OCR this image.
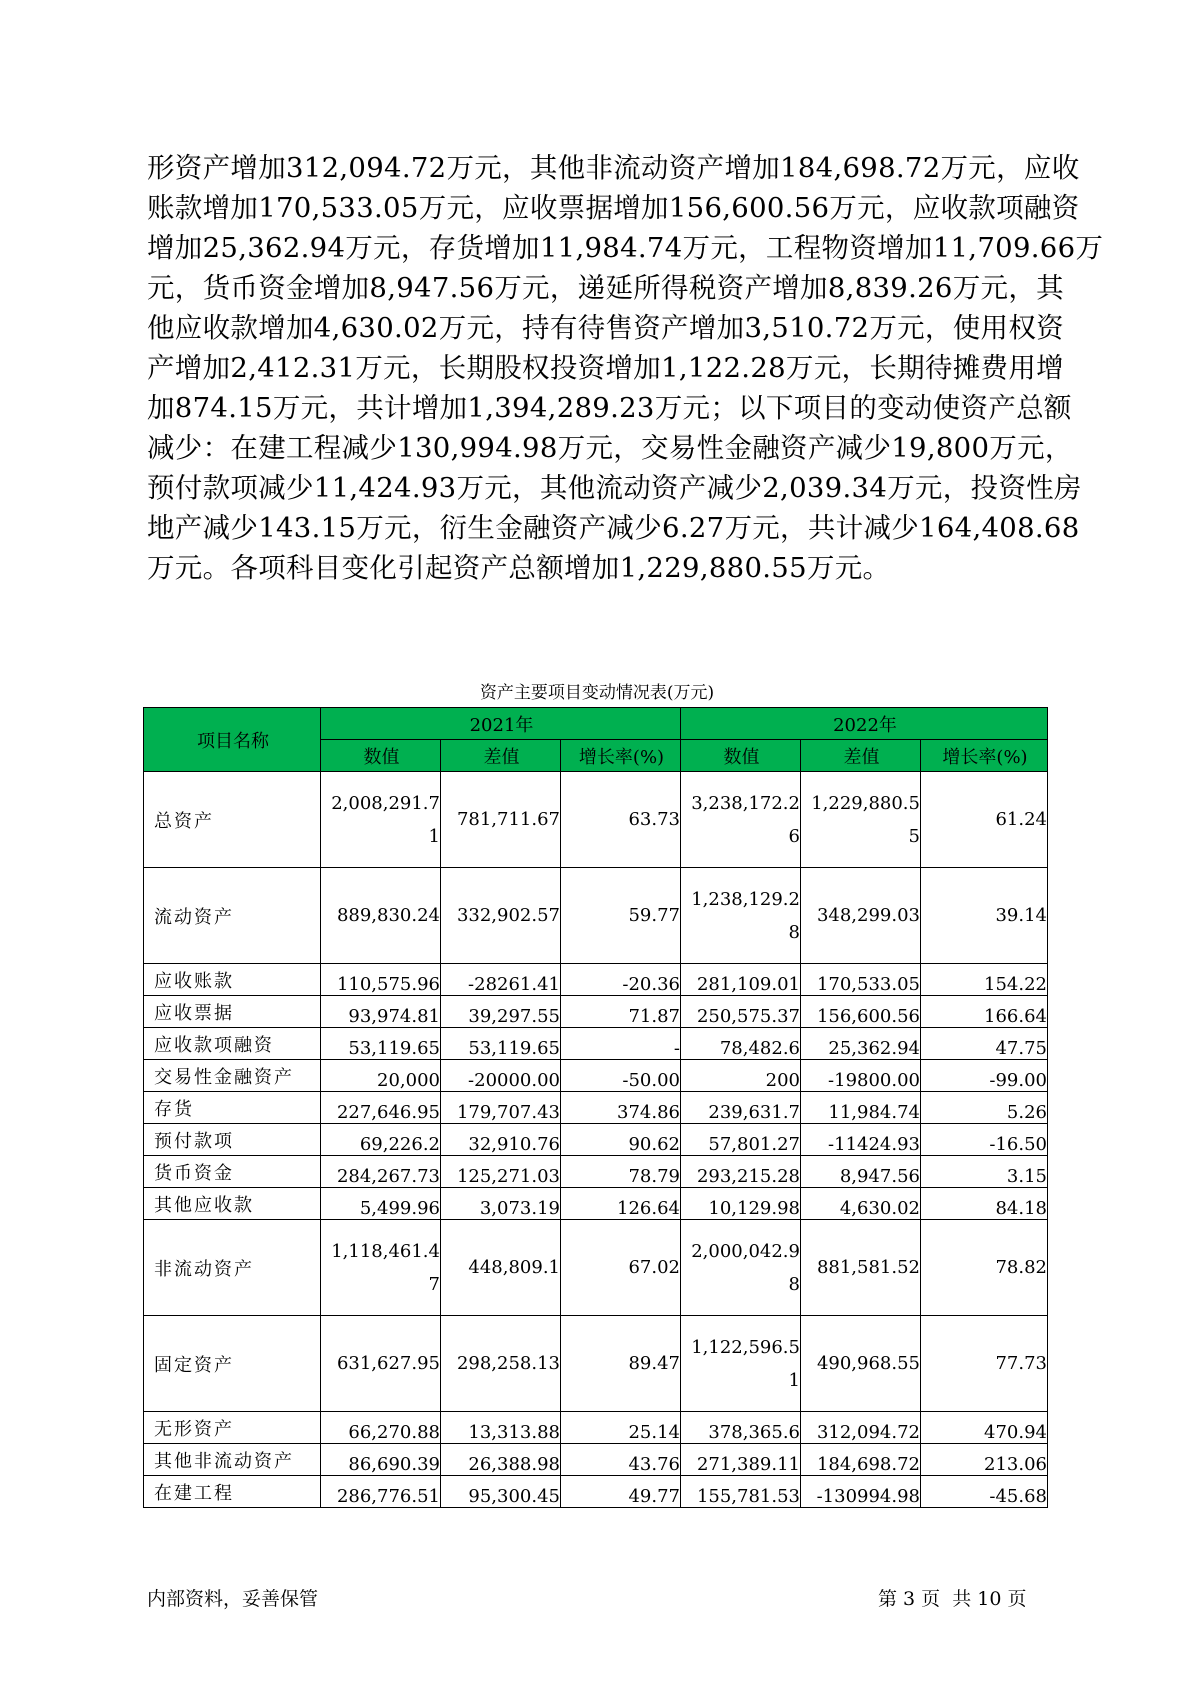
形资产增加312,094.72万元，其他非流动资产增加184,698.72万元，应收
账款增加170,533.05万元，应收票据增加156,600.56万元，应收款项融资
增加25,362.94万元，存货增加11,984.74万元，工程物资增加11,709.66万
元，货币资金增加8,947.56万元，递延所得税资产增加8,839.26万元，其
他应收款增加4,630.02万元，持有待售资产增加3,510.72万元，使用权资
产增加2,412.31万元，长期股权投资增加1,122.28万元，长期待摊费用增
加874.15万元，共计增加1,394,289.23万元；以下项目的变动使资产总额
减少：在建工程减少130,994.98万元，交易性金融资产减少19,800万元，
预付款项减少11,424.93万元，其他流动资产减少2,039.34万元，投资性房
地产减少143.15万元，衍生金融资产减少6.27万元，共计减少164,408.68
万元。各项科目变化引起资产总额增加1,229,880.55万元。
资产主要项目变动情况表(万元)
项目名称	2021年			2022年		
	数值	差值	增长率(%)	数值	差值	增长率(%)
总资产	2,008,291.71	781,711.67	63.73	3,238,172.26	1,229,880.55	61.24
流动资产	889,830.24	332,902.57	59.77	1,238,129.28	348,299.03	39.14
应收账款	110,575.96	-28261.41	-20.36	281,109.01	170,533.05	154.22
应收票据	93,974.81	39,297.55	71.87	250,575.37	156,600.56	166.64
应收款项融资	53,119.65	53,119.65	-	78,482.6	25,362.94	47.75
交易性金融资产	20,000	-20000.00	-50.00	200	-19800.00	-99.00
存货	227,646.95	179,707.43	374.86	239,631.7	11,984.74	5.26
预付款项	69,226.2	32,910.76	90.62	57,801.27	-11424.93	-16.50
货币资金	284,267.73	125,271.03	78.79	293,215.28	8,947.56	3.15
其他应收款	5,499.96	3,073.19	126.64	10,129.98	4,630.02	84.18
非流动资产	1,118,461.47	448,809.1	67.02	2,000,042.98	881,581.52	78.82
固定资产	631,627.95	298,258.13	89.47	1,122,596.51	490,968.55	77.73
无形资产	66,270.88	13,313.88	25.14	378,365.6	312,094.72	470.94
其他非流动资产	86,690.39	26,388.98	43.76	271,389.11	184,698.72	213.06
在建工程	286,776.51	95,300.45	49.77	155,781.53	-130994.98	-45.68
内部资料，妥善保管	第 3 页  共 10 页
